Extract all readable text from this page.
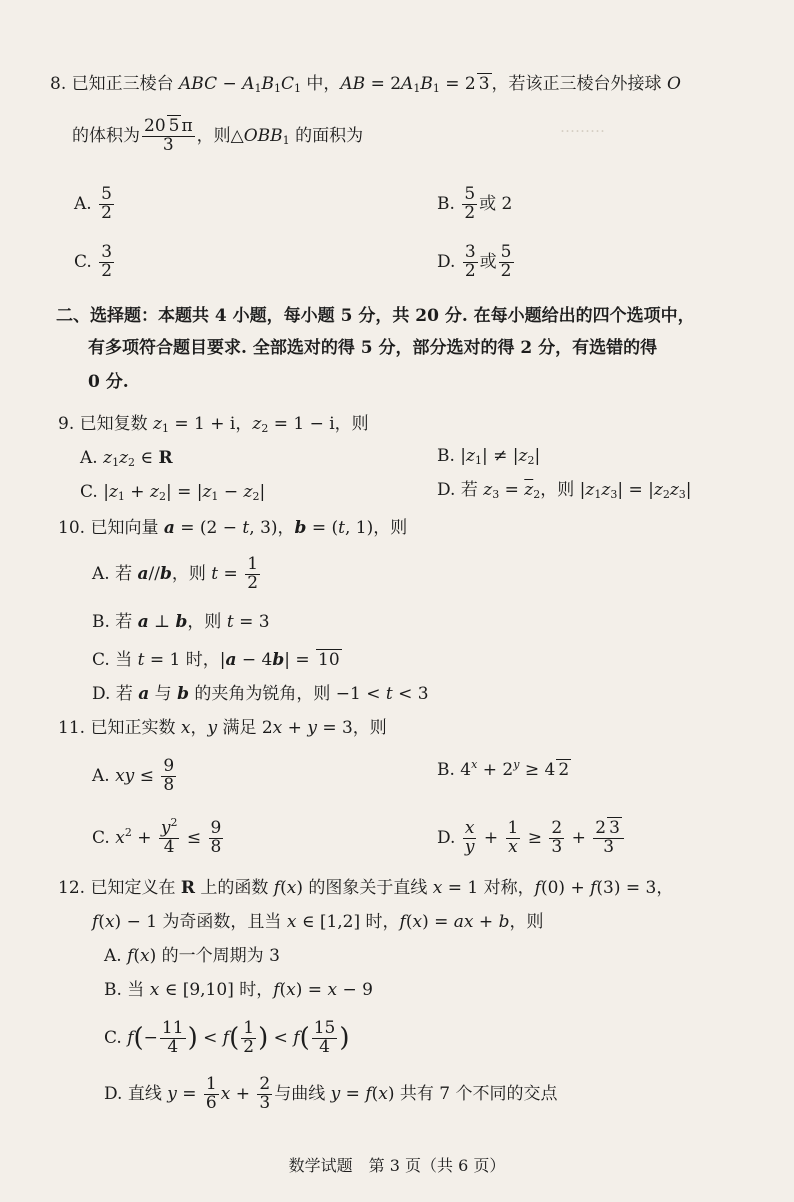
………
8. 已知正三棱台 ABC − $A_1B_1C_1$ 中，AB = $2A_1B_1 = 2$ 3 ，若该正三棱台外接球 O
的体积为 $\frac{20 5 \pi}{3}$ ，则$\triangle OBB_1$ 的面积为
A. $\frac{5}{2}$	B. $\frac{5}{2}$ 或 2
C. $\frac{3}{2}$	D. $\frac{3}{2}$ 或 $\frac{5}{2}$
二、选择题：本题共 4 小题，每小题 5 分，共 20 分. 在每小题给出的四个选项中，
有多项符合题目要求. 全部选对的得 5 分，部分选对的得 2 分，有选错的得
0 分.
9. 已知复数 $z_1 = 1 + i$，$z_2 = 1 - i$，则
A. $z_1z_2$ ∈ R	B. $|z_1| \ne |z_2|$
C. $|z_1 + z_2| = |z_1 - z_2|$	D. 若 $z_3 = \overline{z}_2$，则 $|z_1z_3| = |z_2z_3|$
10. 已知向量 a = (2 − t, 3)，b = (t, 1)，则
A. 若 a//b，则 $t = \frac{1}{2}$
B. 若 a ⊥ b，则 t = 3
C. 当 t = 1 时，|a − 4b| = 10
D. 若 a 与 b 的夹角为锐角，则 −1 < t < 3
11. 已知正实数 x，y 满足 2x + y = 3，则
A. xy ≤ $\frac{9}{8}$	B. $4^x + 2^y \ge 4$ 2
C. $x^2 + \frac{y^2}{4} \le \frac{9}{8}$	D. $\frac{x}{y} + \frac{1}{x} \ge \frac{2}{3} + \frac{2 3}{3}$
12. 已知定义在 R 上的函数 f(x) 的图象关于直线 x = 1 对称，f(0) + f(3) = 3，
f(x) − 1 为奇函数，且当 x ∈ [1,2] 时，f(x) = ax + b，则
A. f(x) 的一个周期为 3
B. 当 x ∈ [9,10] 时，f(x) = x − 9
C. $f(- \frac{11}{4}$ ) < $f( \frac{1}{2}$ ) < $f( \frac{15}{4}$ )
D. 直线 $y = \frac{1}{6}$ $x + \frac{2}{3}$ 与曲线 y = f(x) 共有 7 个不同的交点
数学试题　第 3 页（共 6 页）
